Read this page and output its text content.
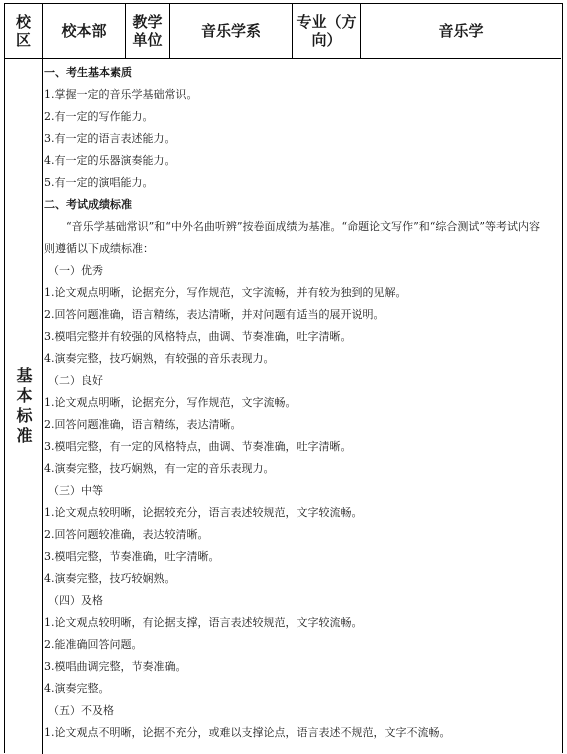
校区	校本部	教学单位	音乐学系	专业（方向）	音乐学
基本标准
一、考生基本素质
1.掌握一定的音乐学基础常识。
2.有一定的写作能力。
3.有一定的语言表述能力。
4.有一定的乐器演奏能力。
5.有一定的演唱能力。
二、考试成绩标准
“音乐学基础常识”和“中外名曲听辨”按卷面成绩为基准。“命题论文写作”和“综合测试”等考试内容则遵循以下成绩标准：
（一）优秀
1.论文观点明晰，论据充分，写作规范，文字流畅，并有较为独到的见解。
2.回答问题准确，语言精练，表达清晰，并对问题有适当的展开说明。
3.模唱完整并有较强的风格特点，曲调、节奏准确，吐字清晰。
4.演奏完整，技巧娴熟，有较强的音乐表现力。
（二）良好
1.论文观点明晰，论据充分，写作规范，文字流畅。
2.回答问题准确，语言精练，表达清晰。
3.模唱完整，有一定的风格特点，曲调、节奏准确，吐字清晰。
4.演奏完整，技巧娴熟，有一定的音乐表现力。
（三）中等
1.论文观点较明晰，论据较充分，语言表述较规范，文字较流畅。
2.回答问题较准确，表达较清晰。
3.模唱完整，节奏准确，吐字清晰。
4.演奏完整，技巧较娴熟。
（四）及格
1.论文观点较明晰，有论据支撑，语言表述较规范，文字较流畅。
2.能准确回答问题。
3.模唱曲调完整，节奏准确。
4.演奏完整。
（五）不及格
1.论文观点不明晰，论据不充分，或难以支撑论点，语言表述不规范，文字不流畅。
